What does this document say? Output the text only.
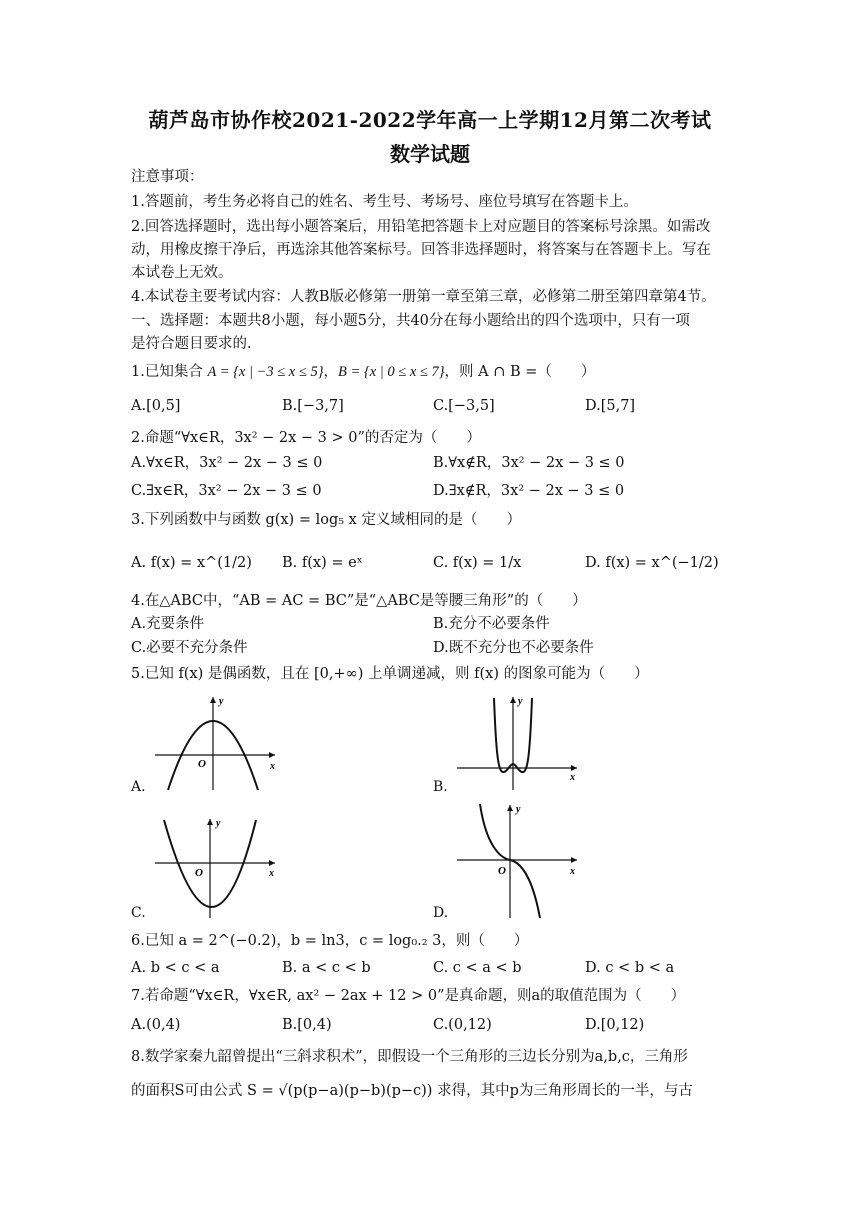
葫芦岛市协作校2021-2022学年高一上学期12月第二次考试
数学试题
注意事项：
1.答题前，考生务必将自己的姓名、考生号、考场号、座位号填写在答题卡上。
2.回答选择题时，选出每小题答案后，用铅笔把答题卡上对应题目的答案标号涂黑。如需改
动，用橡皮擦干净后，再选涂其他答案标号。回答非选择题时，将答案与在答题卡上。写在
本试卷上无效。
4.本试卷主要考试内容：人教B版必修第一册第一章至第三章，必修第二册至第四章第4节。
一、选择题：本题共8小题，每小题5分，共40分在每小题给出的四个选项中，只有一项
是符合题目要求的.
1.已知集合 A = {x | −3 ≤ x ≤ 5}，B = {x | 0 ≤ x ≤ 7}，则 A ∩ B =（　　）
A.[0,5]	B.[−3,7]	C.[−3,5]	D.[5,7]
2.命题“∀x∈R，3x² − 2x − 3 > 0”的否定为（　　）
A.∀x∈R，3x² − 2x − 3 ≤ 0	B.∀x∉R，3x² − 2x − 3 ≤ 0
C.∃x∈R，3x² − 2x − 3 ≤ 0	D.∃x∉R，3x² − 2x − 3 ≤ 0
3.下列函数中与函数 g(x) = log₅ x 定义域相同的是（　　）
A. f(x) = x^(1/2) B. f(x) = eˣ	C. f(x) = 1/x	D. f(x) = x^(−1/2)
4.在△ABC中，“AB = AC = BC”是“△ABC是等腰三角形”的（　　）
A.充要条件	B.充分不必要条件
C.必要不充分条件	D.既不充分也不必要条件
5.已知 f(x) 是偶函数，且在 [0,+∞) 上单调递减，则 f(x) 的图象可能为（　　）
y
x
O
A.
y
x
B.
y
x
O
C.
y
x
O
D.
6.已知 a = 2^(−0.2)，b = ln3，c = log₀.₂ 3，则（　　）
A. b < c < a	B. a < c < b	C. c < a < b	D. c < b < a
7.若命题“∀x∈R，∀x∈R, ax² − 2ax + 12 > 0”是真命题，则a的取值范围为（　　）
A.(0,4)	B.[0,4)	C.(0,12)	D.[0,12)
8.数学家秦九韶曾提出“三斜求积术”，即假设一个三角形的三边长分别为a,b,c，三角形
的面积S可由公式 S = √(p(p−a)(p−b)(p−c)) 求得，其中p为三角形周长的一半，与古
